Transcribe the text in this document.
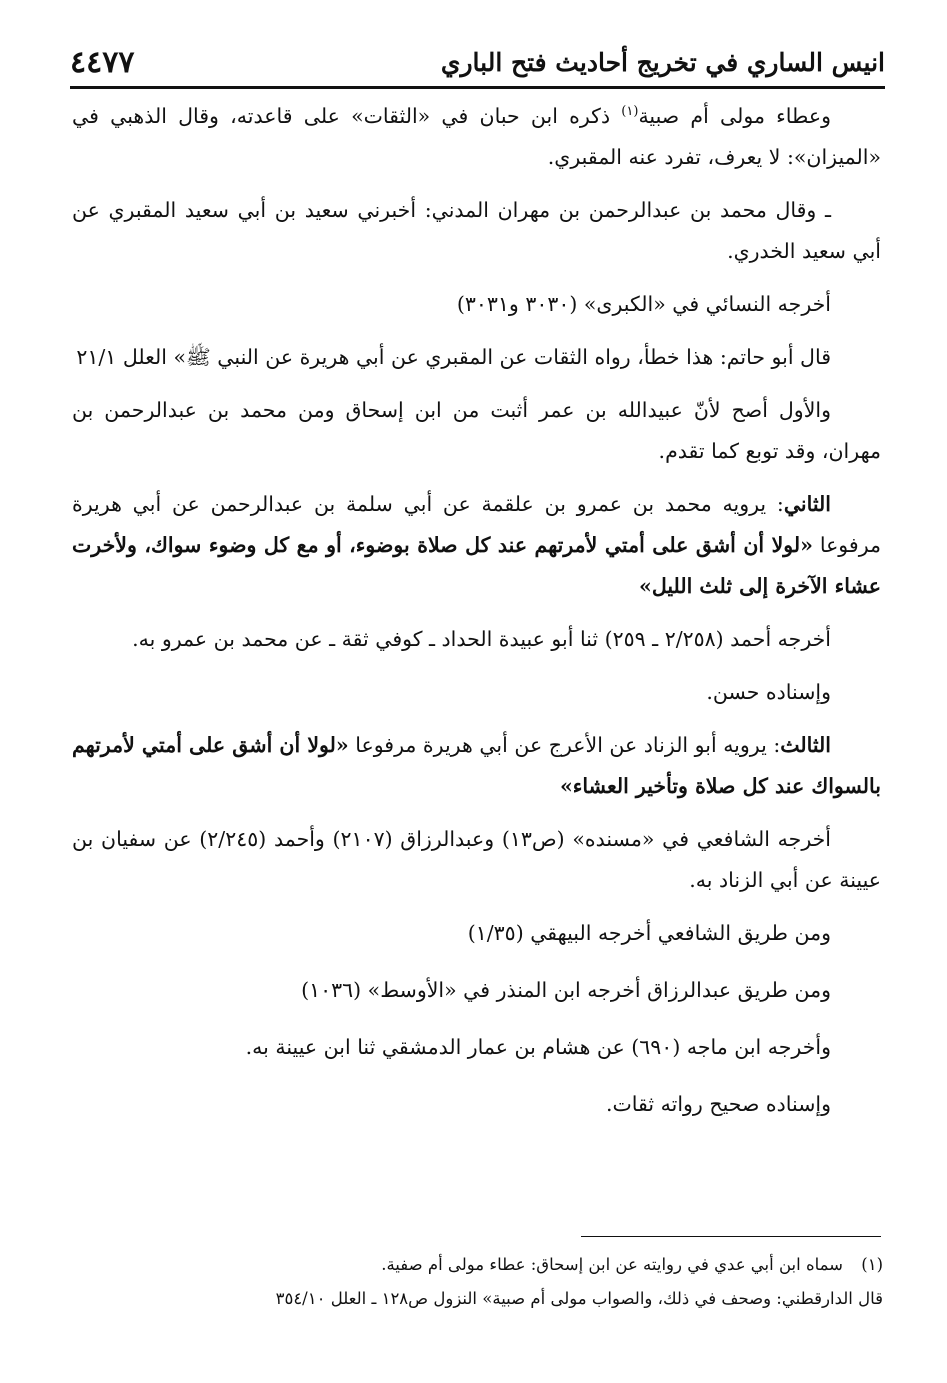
انيس الساري في تخريج أحاديث فتح الباري
٤٤٧٧

وعطاء مولى أم صبية$^{(١)}$ ذكره ابن حبان في «الثقات» على قاعدته، وقال الذهبي في «الميزان»: لا يعرف، تفرد عنه المقبري.

ـ وقال محمد بن عبدالرحمن بن مهران المدني: أخبرني سعيد بن أبي سعيد المقبري عن أبي سعيد الخدري.

أخرجه النسائي في «الكبرى» (٣٠٣٠ و٣٠٣١)

قال أبو حاتم: هذا خطأ، رواه الثقات عن المقبري عن أبي هريرة عن النبي ﷺ» العلل ٢١/١

والأول أصح لأنّ عبيدالله بن عمر أثبت من ابن إسحاق ومن محمد بن عبدالرحمن بن مهران، وقد توبع كما تقدم.

الثاني: يرويه محمد بن عمرو بن علقمة عن أبي سلمة بن عبدالرحمن عن أبي هريرة مرفوعا «لولا أن أشق على أمتي لأمرتهم عند كل صلاة بوضوء، أو مع كل وضوء سواك، ولأخرت عشاء الآخرة إلى ثلث الليل»

أخرجه أحمد (٢/٢٥٨ ـ ٢٥٩) ثنا أبو عبيدة الحداد ـ كوفي ثقة ـ عن محمد بن عمرو به.

وإسناده حسن.

الثالث: يرويه أبو الزناد عن الأعرج عن أبي هريرة مرفوعا «لولا أن أشق على أمتي لأمرتهم بالسواك عند كل صلاة وتأخير العشاء»

أخرجه الشافعي في «مسنده» (ص١٣) وعبدالرزاق (٢١٠٧) وأحمد (٢/٢٤٥) عن سفيان بن عيينة عن أبي الزناد به.

ومن طريق الشافعي أخرجه البيهقي (١/٣٥)

ومن طريق عبدالرزاق أخرجه ابن المنذر في «الأوسط» (١٠٣٦)

وأخرجه ابن ماجه (٦٩٠) عن هشام بن عمار الدمشقي ثنا ابن عيينة به.

وإسناده صحيح رواته ثقات.

(١)سماه ابن أبي عدي في روايته عن ابن إسحاق: عطاء مولى أم صفية.

قال الدارقطني: وصحف في ذلك، والصواب مولى أم صبية» النزول ص١٢٨ ـ العلل ٣٥٤/١٠
